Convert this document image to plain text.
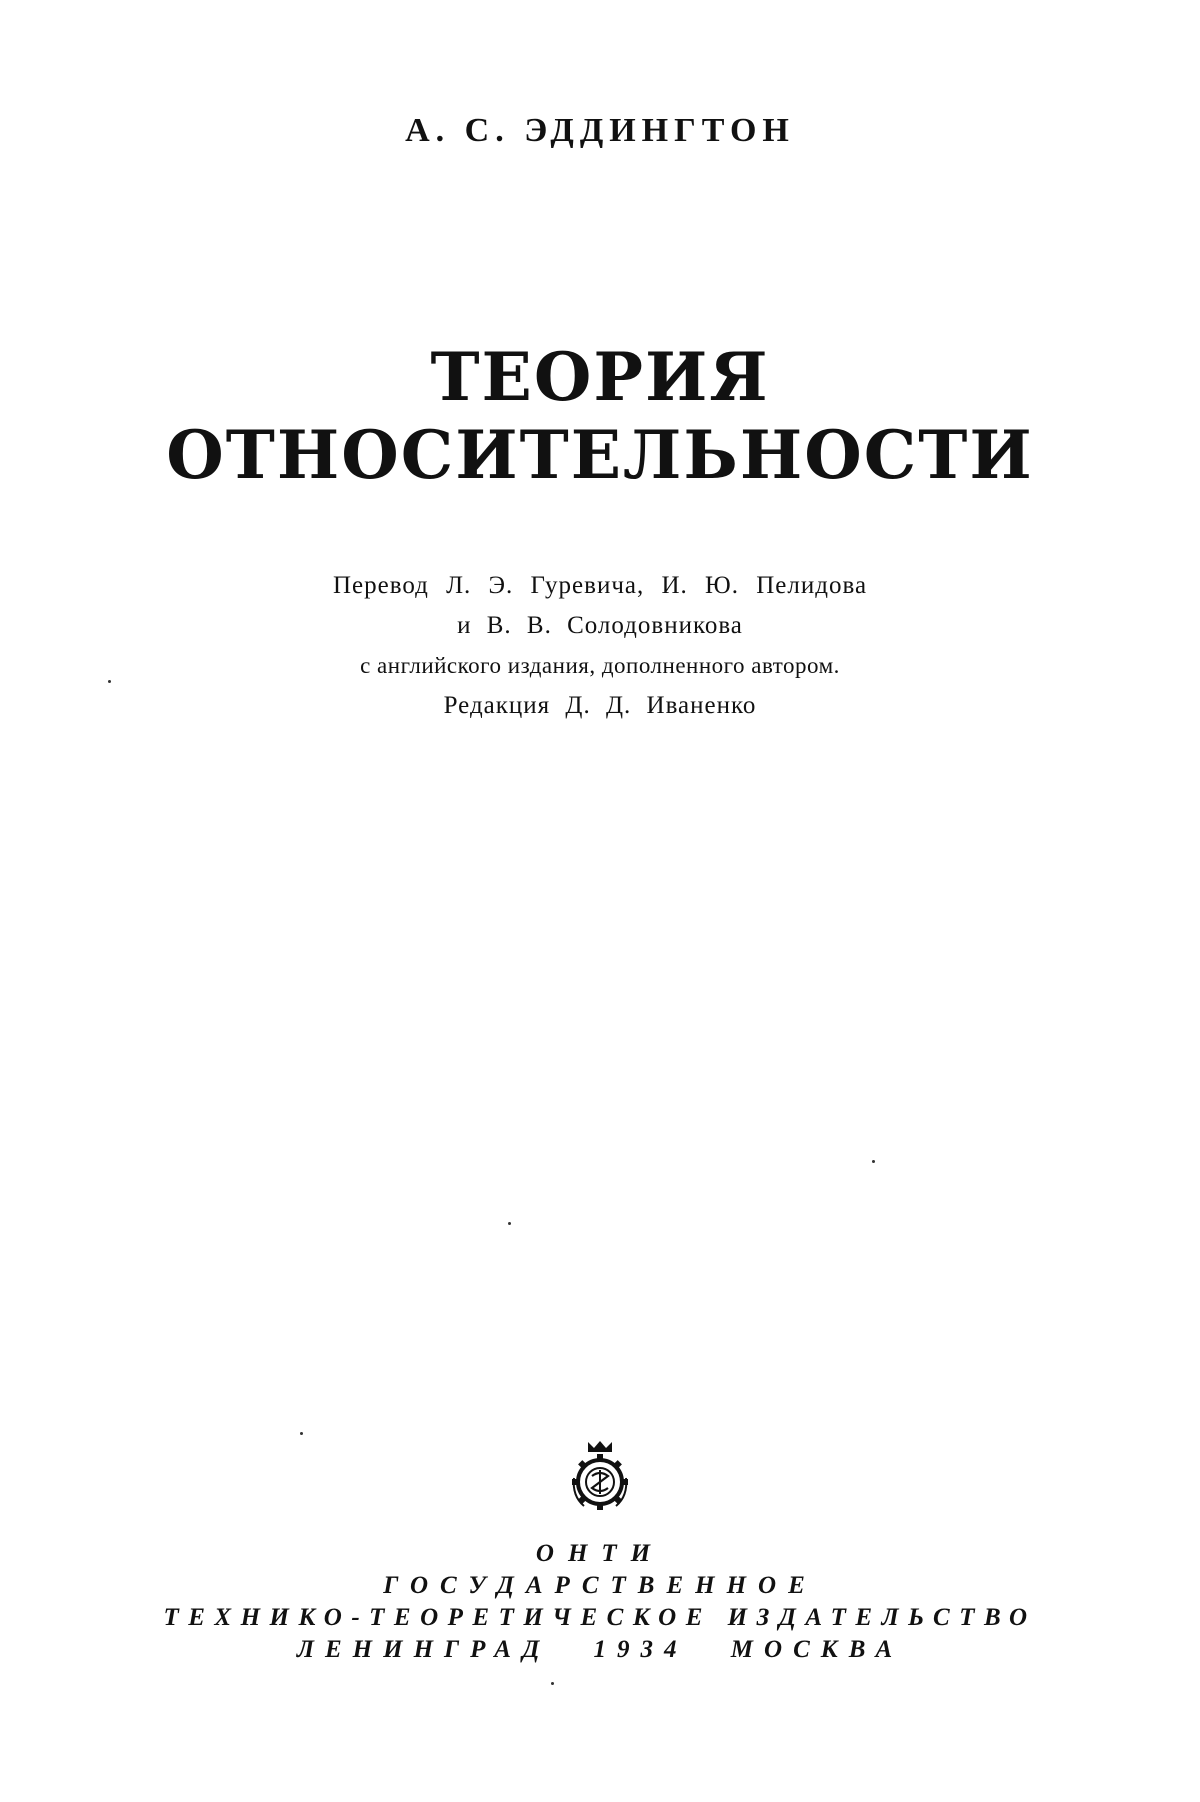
А. С. ЭДДИНГТОН
ТЕОРИЯ ОТНОСИТЕЛЬНОСТИ
Перевод Л. Э. Гуревича, И. Ю. Пелидова
и В. В. Солодовникова
с английского издания, дополненного автором.
Редакция Д. Д. Иваненко
ОНТИ
ГОСУДАРСТВЕННОЕ
ТЕХНИКО-ТЕОРЕТИЧЕСКОЕ ИЗДАТЕЛЬСТВО
ЛЕНИНГРАД 1934 МОСКВА
